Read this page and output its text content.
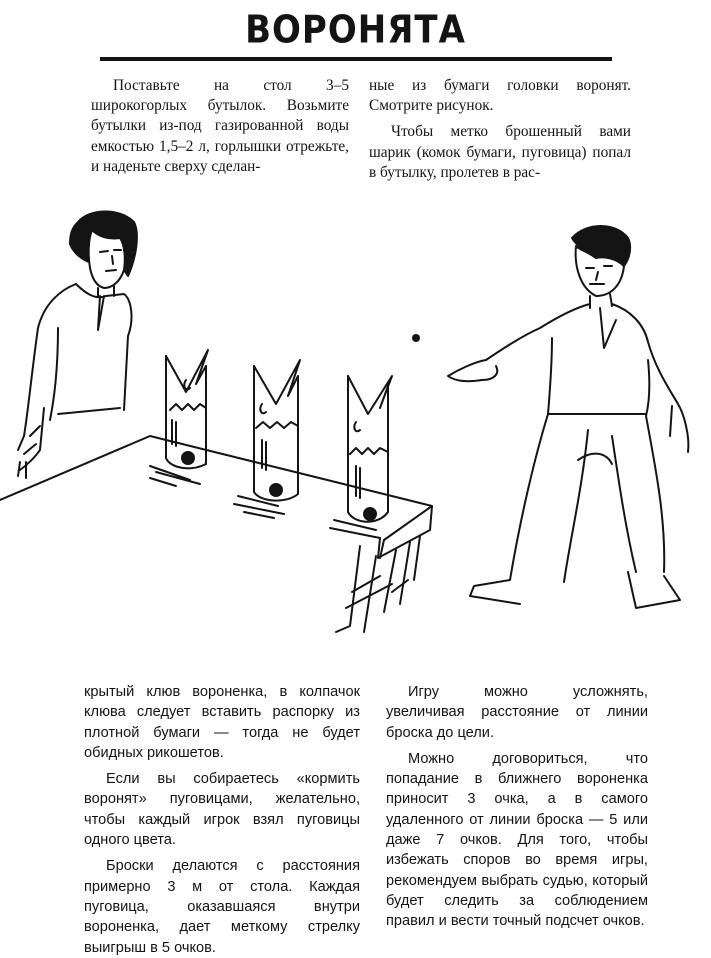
ВОРОНЯТА

Поставьте на стол 3–5 широкогорлых бутылок. Возьмите бутылки из-под газированной воды емкостью 1,5–2 л, горлышки отрежьте, и наденьте сверху сделан-

ные из бумаги головки воронят. Смотрите рисунок.

Чтобы метко брошенный вами шарик (комок бумаги, пуговица) попал в бутылку, пролетев в рас-

крытый клюв вороненка, в колпачок клюва следует вставить распорку из плотной бумаги — тогда не будет обидных рикошетов.

Если вы собираетесь «кормить воронят» пуговицами, желательно, чтобы каждый игрок взял пуговицы одного цвета.

Броски делаются с расстояния примерно 3 м от стола. Каждая пуговица, оказавшаяся внутри вороненка, дает меткому стрелку выигрыш в 5 очков.

Игру можно усложнять, увеличивая расстояние от линии броска до цели.

Можно договориться, что попадание в ближнего вороненка приносит 3 очка, а в самого удаленного от линии броска — 5 или даже 7 очков. Для того, чтобы избежать споров во время игры, рекомендуем выбрать судью, который будет следить за соблюдением правил и вести точный подсчет очков.
